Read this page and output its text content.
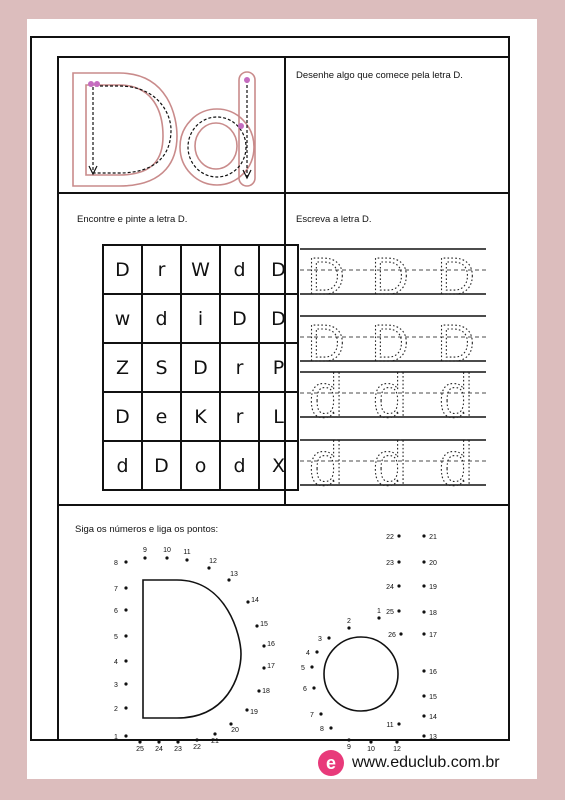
Desenhe algo que comece pela letra D.
Encontre e pinte a letra D.
D	r	W	d	D
w	d	i	D	D
Z	S	D	r	P
D	e	K	r	L
d	D	o	d	X
Escreva a letra D.
D D D
D D D
d d d
d d d
Siga os números e liga os pontos:
1
2
3
4
5
6
7
8
9 10 11
12
13
14
15
16
17
18
19
20
21
22
23
24
25
1
2
3
4
5
6
7
8
9 10
11
12
13
14
15
16
17
18
19
20
21
22
23
24
25
26
e www.educlub.com.br
